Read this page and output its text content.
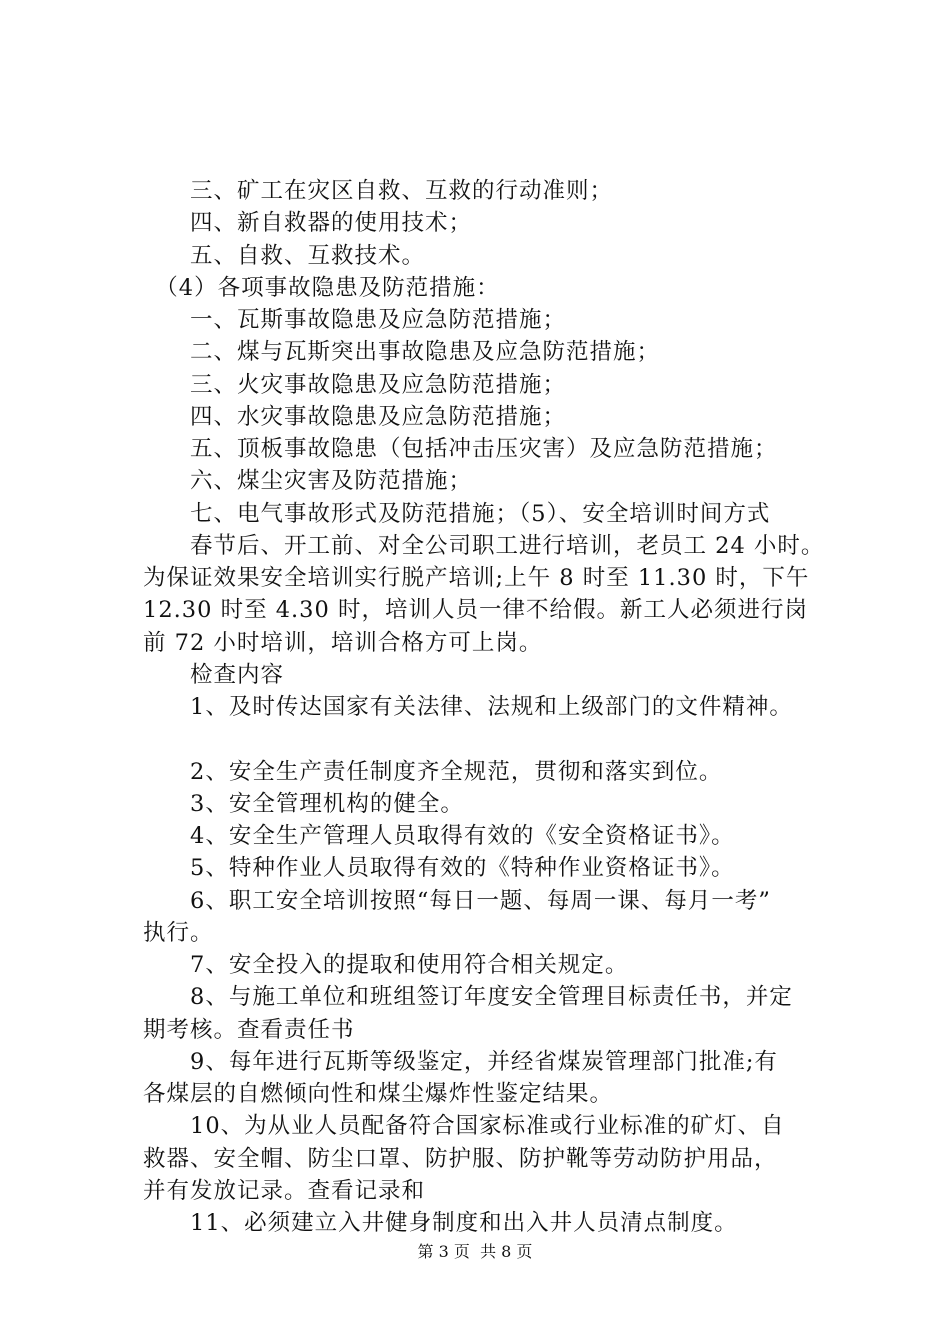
　　三、矿工在灾区自救、互救的行动准则；
　　四、新自救器的使用技术；
　　五、自救、互救技术。
　（4）各项事故隐患及防范措施：
　　一、瓦斯事故隐患及应急防范措施；
　　二、煤与瓦斯突出事故隐患及应急防范措施；
　　三、火灾事故隐患及应急防范措施；
　　四、水灾事故隐患及应急防范措施；
　　五、顶板事故隐患（包括冲击压灾害）及应急防范措施；
　　六、煤尘灾害及防范措施；
　　七、电气事故形式及防范措施；（5）、安全培训时间方式
　　春节后、开工前、对全公司职工进行培训，老员工 24 小时。
为保证效果安全培训实行脱产培训;上午 8 时至 11.30 时，下午
12.30 时至 4.30 时，培训人员一律不给假。新工人必须进行岗
前 72 小时培训，培训合格方可上岗。
　　检查内容
　　1、及时传达国家有关法律、法规和上级部门的文件精神。
　　2、安全生产责任制度齐全规范，贯彻和落实到位。
　　3、安全管理机构的健全。
　　4、安全生产管理人员取得有效的《安全资格证书》。
　　5、特种作业人员取得有效的《特种作业资格证书》。
　　6、职工安全培训按照“每日一题、每周一课、每月一考”
执行。
　　7、安全投入的提取和使用符合相关规定。
　　8、与施工单位和班组签订年度安全管理目标责任书，并定
期考核。查看责任书
　　9、每年进行瓦斯等级鉴定，并经省煤炭管理部门批准;有
各煤层的自燃倾向性和煤尘爆炸性鉴定结果。
　　10、为从业人员配备符合国家标准或行业标准的矿灯、自
救器、安全帽、防尘口罩、防护服、防护靴等劳动防护用品，
并有发放记录。查看记录和
　　11、必须建立入井健身制度和出入井人员清点制度。
第 3 页  共 8 页
